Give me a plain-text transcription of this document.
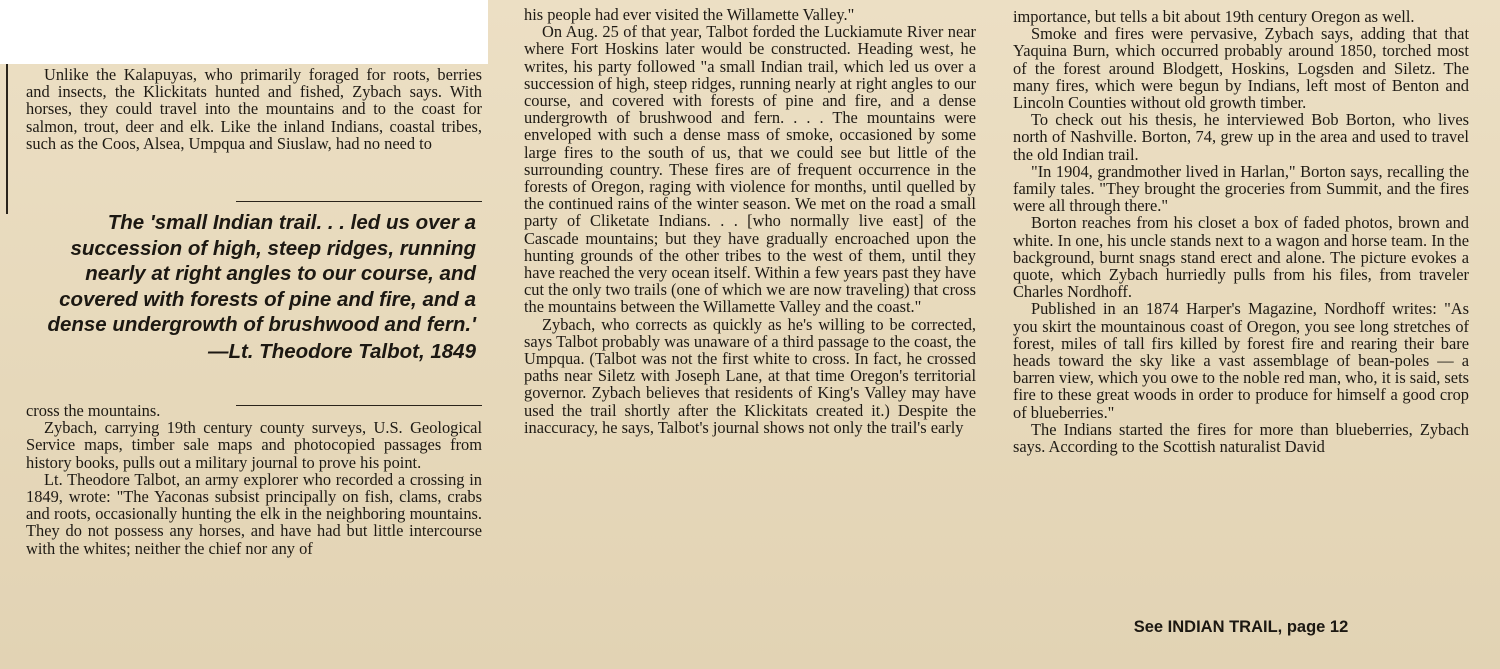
Unlike the Kalapuyas, who primarily foraged for roots, berries and insects, the Klickitats hunted and fished, Zybach says. With horses, they could travel into the mountains and to the coast for salmon, trout, deer and elk. Like the inland Indians, coastal tribes, such as the Coos, Alsea, Umpqua and Siuslaw, had no need to

cross the mountains.

Zybach, carrying 19th century county surveys, U.S. Geological Service maps, timber sale maps and photocopied passages from history books, pulls out a military journal to prove his point.

Lt. Theodore Talbot, an army explorer who recorded a crossing in 1849, wrote: "The Yaconas subsist principally on fish, clams, crabs and roots, occasionally hunting the elk in the neighboring mountains. They do not possess any horses, and have had but little intercourse with the whites; neither the chief nor any of

The 'small Indian trail. . . led us over a succession of high, steep ridges, running nearly at right angles to our course, and covered with forests of pine and fire, and a dense undergrowth of brushwood and fern.'
—Lt. Theodore Talbot, 1849

his people had ever visited the Willamette Valley."

On Aug. 25 of that year, Talbot forded the Luckiamute River near where Fort Hoskins later would be constructed. Heading west, he writes, his party followed "a small Indian trail, which led us over a succession of high, steep ridges, running nearly at right angles to our course, and covered with forests of pine and fire, and a dense undergrowth of brushwood and fern. . . . The mountains were enveloped with such a dense mass of smoke, occasioned by some large fires to the south of us, that we could see but little of the surrounding country. These fires are of frequent occurrence in the forests of Oregon, raging with violence for months, until quelled by the continued rains of the winter season. We met on the road a small party of Cliketate Indians. . . [who normally live east] of the Cascade mountains; but they have gradually encroached upon the hunting grounds of the other tribes to the west of them, until they have reached the very ocean itself. Within a few years past they have cut the only two trails (one of which we are now traveling) that cross the mountains between the Willamette Valley and the coast."

Zybach, who corrects as quickly as he's willing to be corrected, says Talbot probably was unaware of a third passage to the coast, the Umpqua. (Talbot was not the first white to cross. In fact, he crossed paths near Siletz with Joseph Lane, at that time Oregon's territorial governor. Zybach believes that residents of King's Valley may have used the trail shortly after the Klickitats created it.) Despite the inaccuracy, he says, Talbot's journal shows not only the trail's early

importance, but tells a bit about 19th century Oregon as well.

Smoke and fires were pervasive, Zybach says, adding that that Yaquina Burn, which occurred probably around 1850, torched most of the forest around Blodgett, Hoskins, Logsden and Siletz. The many fires, which were begun by Indians, left most of Benton and Lincoln Counties without old growth timber.

To check out his thesis, he interviewed Bob Borton, who lives north of Nashville. Borton, 74, grew up in the area and used to travel the old Indian trail.

"In 1904, grandmother lived in Harlan," Borton says, recalling the family tales. "They brought the groceries from Summit, and the fires were all through there."

Borton reaches from his closet a box of faded photos, brown and white. In one, his uncle stands next to a wagon and horse team. In the background, burnt snags stand erect and alone. The picture evokes a quote, which Zybach hurriedly pulls from his files, from traveler Charles Nordhoff.

Published in an 1874 Harper's Magazine, Nordhoff writes: "As you skirt the mountainous coast of Oregon, you see long stretches of forest, miles of tall firs killed by forest fire and rearing their bare heads toward the sky like a vast assemblage of bean-poles — a barren view, which you owe to the noble red man, who, it is said, sets fire to these great woods in order to produce for himself a good crop of blueberries."

The Indians started the fires for more than blueberries, Zybach says. According to the Scottish naturalist David

See INDIAN TRAIL, page 12
